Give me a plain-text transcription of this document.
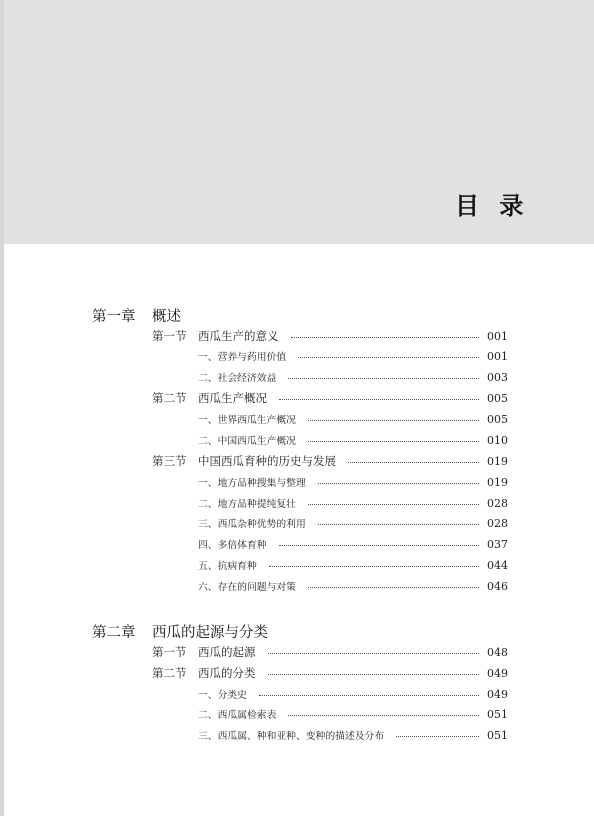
目 录
第一章 概述
第一节	西瓜生产的意义	001
一、营养与药用价值	001
二、社会经济效益	003
第二节	西瓜生产概况	005
一、世界西瓜生产概况	005
二、中国西瓜生产概况	010
第三节	中国西瓜育种的历史与发展	019
一、地方品种搜集与整理	019
二、地方品种提纯复壮	028
三、西瓜杂种优势的利用	028
四、多倍体育种	037
五、抗病育种	044
六、存在的问题与对策	046
第二章 西瓜的起源与分类
第一节	西瓜的起源	048
第二节	西瓜的分类	049
一、分类史	049
二、西瓜属检索表	051
三、西瓜属、种和亚种、变种的描述及分布	051
